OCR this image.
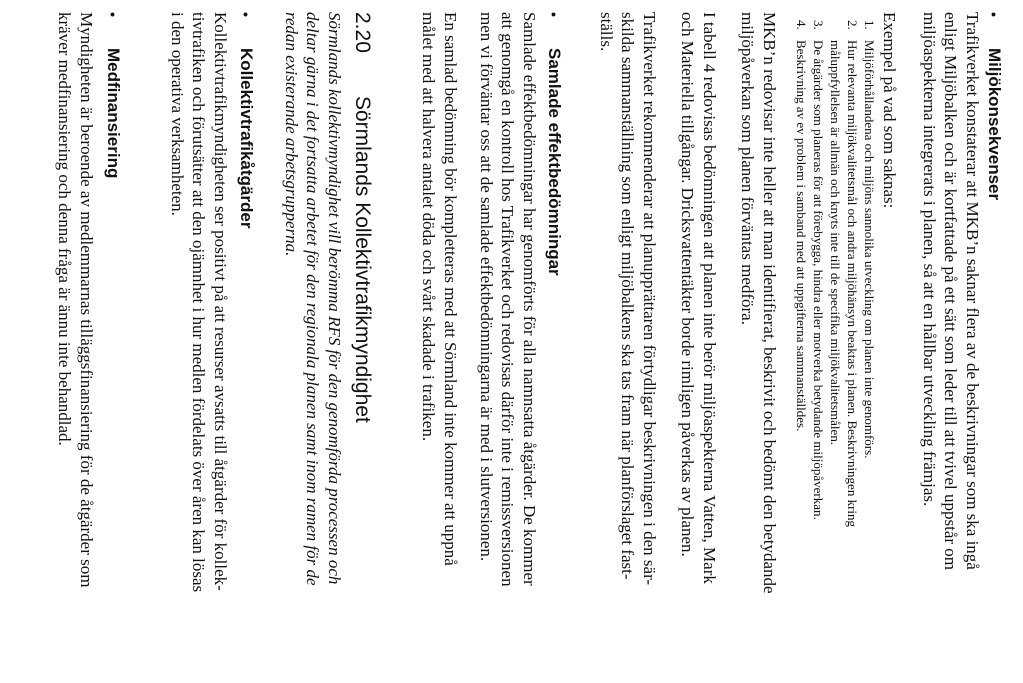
•Miljökonsekvenser
Trafikverket konstaterar att MKB’n saknar flera av de beskrivningar som ska ingå
enligt Miljöbalken och är kortfattade på ett sätt som leder till att tvivel uppstår om
miljöaspekterna integrerats i planen, så att en hållbar utveckling främjas.
Exempel på vad som saknas:
1.
Miljöförhållandena och miljöns sannolika utveckling om planen inte genomförs.
2.
Hur relevanta miljökvalitetsmål och andra miljöhänsyn beaktas i planen. Beskrivningen kring
måluppfyllelsen är allmän och knyts inte till de specifika miljökvalitetsmålen.
3.
De åtgärder som planeras för att förebygga, hindra eller motverka betydande miljöpåverkan.
4.
Beskrivning av ev problem i samband med att uppgifterna sammanställdes.
MKB’n redovisar inte heller att man identifierat, beskrivit och bedömt den betydande
miljöpåverkan som planen förväntas medföra.
I tabell 4 redovisas bedömningen att planen inte berör miljöaspekterna Vatten, Mark
och Materiella tillgångar. Dricksvattentäkter borde rimligen påverkas av planen.
Trafikverket rekommenderar att planupprättaren förtydligar beskrivningen i den sär-
skilda sammanställning som enligt miljöbalkens ska tas fram när planförslaget fast-
ställs.
•Samlade effektbedömningar
Samlade effektbedömningar har genomförts för alla namnsatta åtgärder. De kommer
att genomgå en kontroll hos Trafikverket och redovisas därför inte i remissversionen
men vi förväntar oss att de samlade effektbedömningarna är med i slutversionen.
En samlad bedömning bör kompletteras med att Sörmland inte kommer att uppnå
målet med att halvera antalet döda och svårt skadade i trafiken.
2.20Sörmlands Kollektivtrafikmyndighet
Sörmlands kollektivmyndighet vill berömma RFS för den genomförda processen och
deltar gärna i det fortsatta arbetet för den regionala planen samt inom ramen för de
redan existerande arbetsgrupperna.
•Kollektivtrafikåtgärder
Kollektivtrafikmyndigheten ser positivt på att resurser avsatts till åtgärder för kollek-
tivtrafiken och förutsätter att den ojämnhet i hur medlen fördelats över åren kan lösas
i den operativa verksamheten.
•Medfinansiering
Myndigheten är beroende av medlemmarnas tilläggsfinansiering för de åtgärder som
kräver medfinansiering och denna fråga är ännu inte behandlad.
